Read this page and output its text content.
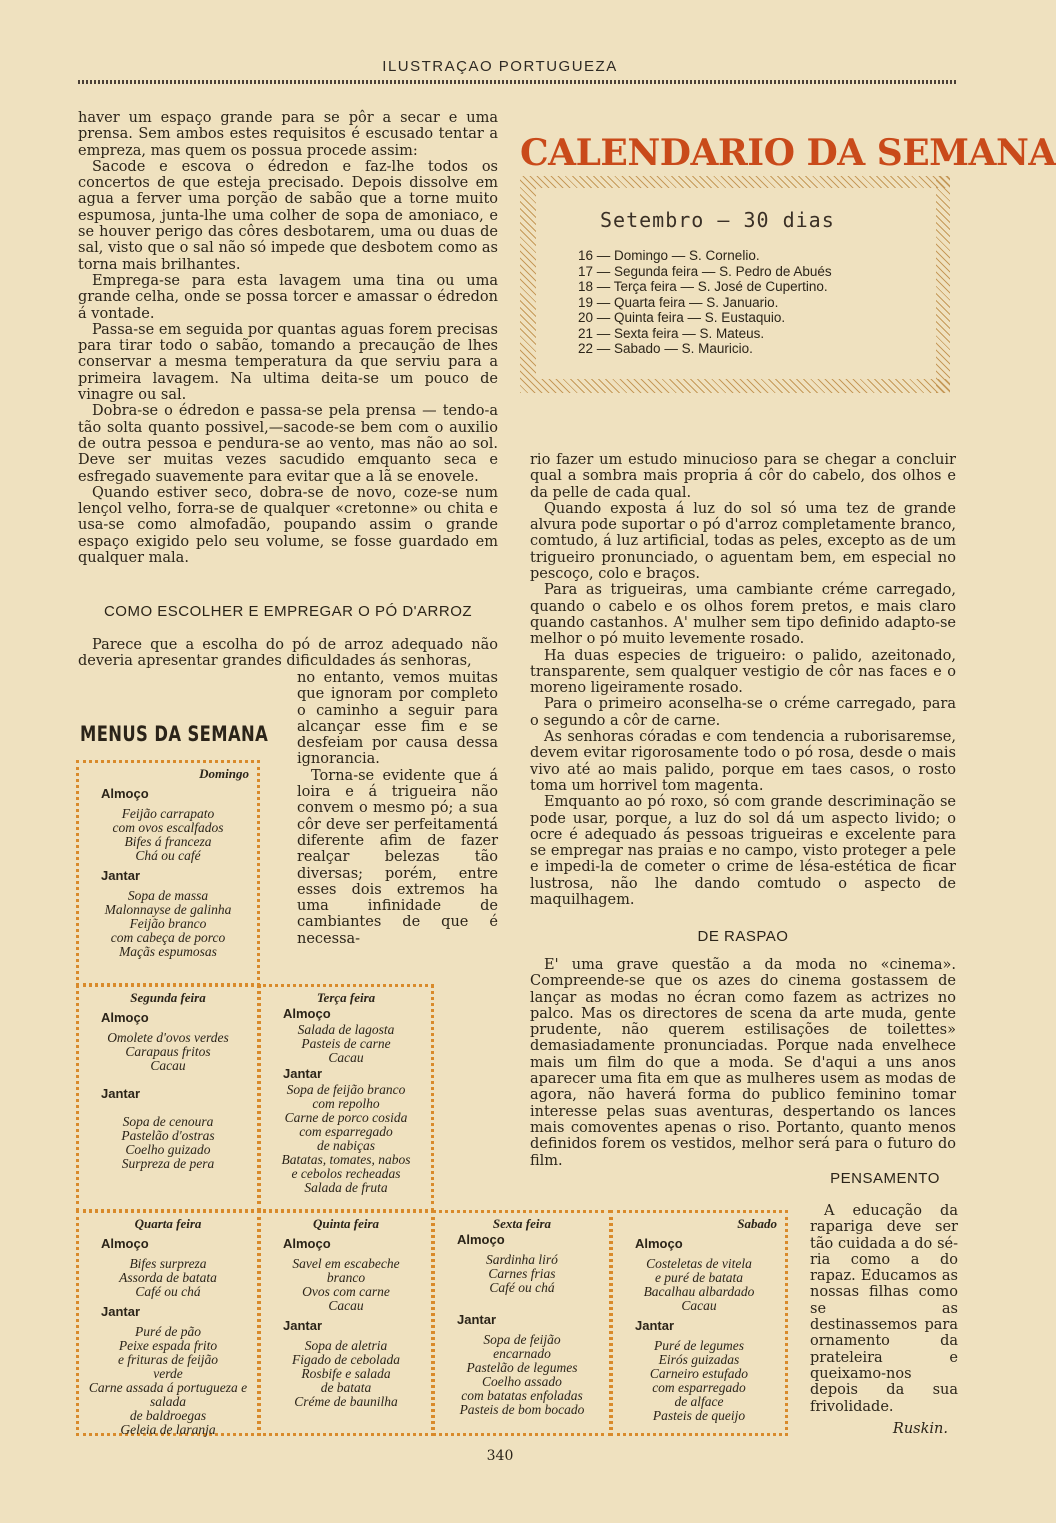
ILUSTRAÇAO PORTUGUEZA

haver um espaço grande para se pôr a secar e uma prensa. Sem ambos estes requisitos é escusado tentar a empreza, mas quem os possua procede assim:

Sacode e escova o édredon e faz-lhe todos os concertos de que esteja precisado. Depois dissolve em agua a ferver uma porção de sabão que a torne muito espumosa, junta-lhe uma colher de sopa de amoniaco, e se houver perigo das côres desbotarem, uma ou duas de sal, visto que o sal não só impede que desbotem como as torna mais brilhantes.

Emprega-se para esta lavagem uma tina ou uma grande celha, onde se possa torcer e amassar o édredon á vontade.

Passa-se em seguida por quantas aguas forem precisas para tirar todo o sabão, tomando a precaução de lhes conservar a mesma temperatura da que serviu para a primeira lavagem. Na ultima deita-se um pouco de vinagre ou sal.

Dobra-se o édredon e passa-se pela prensa — tendo-a tão solta quanto possivel,—sacode-se bem com o auxilio de outra pessoa e pendura-se ao vento, mas não ao sol. Deve ser muitas vezes sacudido emquanto seca e esfregado suavemente para evitar que a lã se enovele.

Quando estiver seco, dobra-se de novo, coze-se num lençol velho, forra-se de qualquer «cretonne» ou chita e usa-se como almofadão, poupando assim o grande espaço exigido pelo seu volume, se fosse guardado em qualquer mala.

COMO ESCOLHER E EMPREGAR O PÓ D'ARROZ

Parece que a escolha do pó de arroz adequado não deveria apresentar grandes dificuldades ás senhoras,

no entanto, vemos muitas que ignoram por completo o caminho a seguir para alcançar esse fim e se desfeiam por causa dessa ignorancia.

Torna-se evidente que á loira e á trigueira não convem o mesmo pó; a sua côr deve ser perfeitamentá diferente afim de fazer realçar belezas tão diversas; porém, entre esses dois extremos ha uma infinidade de cambiantes de que é necessa-

CALENDARIO DA SEMANA
Setembro — 30 dias
16 — Domingo — S. Cornelio.
17 — Segunda feira — S. Pedro de Abués
18 — Terça feira — S. José de Cupertino.
19 — Quarta feira — S. Januario.
20 — Quinta feira — S. Eustaquio.
21 — Sexta feira — S. Mateus.
22 — Sabado — S. Mauricio.

rio fazer um estudo minucioso para se chegar a concluir qual a sombra mais propria á côr do cabelo, dos olhos e da pelle de cada qual.

Quando exposta á luz do sol só uma tez de grande alvura pode suportar o pó d'arroz completamente branco, comtudo, á luz artificial, todas as peles, excepto as de um trigueiro pronunciado, o aguentam bem, em especial no pescoço, colo e braços.

Para as trigueiras, uma cambiante créme carregado, quando o cabelo e os olhos forem pretos, e mais claro quando castanhos. A' mulher sem tipo definido adapto-se melhor o pó muito levemente rosado.

Ha duas especies de trigueiro: o palido, azeitonado, transparente, sem qualquer vestigio de côr nas faces e o moreno ligeiramente rosado.

Para o primeiro aconselha-se o créme carregado, para o segundo a côr de carne.

As senhoras córadas e com tendencia a ruborisaremse, devem evitar rigorosamente todo o pó rosa, desde o mais vivo até ao mais palido, porque em taes casos, o rosto toma um horrivel tom magenta.

Emquanto ao pó roxo, só com grande descriminação se pode usar, porque, a luz do sol dá um aspecto livido; o ocre é adequado ás pessoas trigueiras e excelente para se empregar nas praias e no campo, visto proteger a pele e impedi-la de cometer o crime de lésa-estética de ficar lustrosa, não lhe dando comtudo o aspecto de maquilhagem.

DE RASPAO

E' uma grave questão a da moda no «cinema». Compreende-se que os azes do cinema gostassem de lançar as modas no écran como fazem as actrizes no palco. Mas os directores de scena da arte muda, gente prudente, não querem estilisações de toilettes» demasiadamente pronunciadas. Porque nada envelhece mais um film do que a moda. Se d'aqui a uns anos aparecer uma fita em que as mulheres usem as modas de agora, não haverá forma do publico feminino tomar interesse pelas suas aventuras, despertando os lances mais comoventes apenas o riso. Portanto, quanto menos definidos forem os vestidos, melhor será para o futuro do film.

PENSAMENTO
A educação da rapariga deve ser tão cuidada a do sé- ria como a do rapaz. Educamos as nossas filhas como se as destinassemos para ornamento da prateleira e queixamo-nos depois da sua frivolidade.
Ruskin.
MENUS DA SEMANA
Domingo
Almoço
Feijão carrapato
com ovos escalfados
Bifes á franceza
Chá ou café
Jantar
Sopa de massa
Malonnayse de galinha
Feijão branco
com cabeça de porco
Maçãs espumosas
Segunda feira
Almoço
Omolete d'ovos verdes
Carapaus fritos
Cacau
Jantar
Sopa de cenoura
Pastelão d'ostras
Coelho guizado
Surpreza de pera
Terça feira
Almoço
Salada de lagosta
Pasteis de carne
Cacau
Jantar
Sopa de feijão branco
com repolho
Carne de porco cosida
com esparregado
de nabiças
Batatas, tomates, nabos
e cebolos recheadas
Salada de fruta
Quarta feira
Almoço
Bifes surpreza
Assorda de batata
Café ou chá
Jantar
Puré de pão
Peixe espada frito
e frituras de feijão
verde
Carne assada á portugueza e salada
de baldroegas
Geleia de laranja
Quinta feira
Almoço
Savel em escabeche
branco
Ovos com carne
Cacau
Jantar
Sopa de aletria
Figado de cebolada
Rosbife e salada
de batata
Créme de baunilha
Sexta feira
Almoço
Sardinha liró
Carnes frias
Café ou chá
Jantar
Sopa de feijão
encarnado
Pastelão de legumes
Coelho assado
com batatas enfoladas
Pasteis de bom bocado
Sabado
Almoço
Costeletas de vitela
e puré de batata
Bacalhau albardado
Cacau
Jantar
Puré de legumes
Eirós guizadas
Carneiro estufado
com esparregado
de alface
Pasteis de queijo
340
